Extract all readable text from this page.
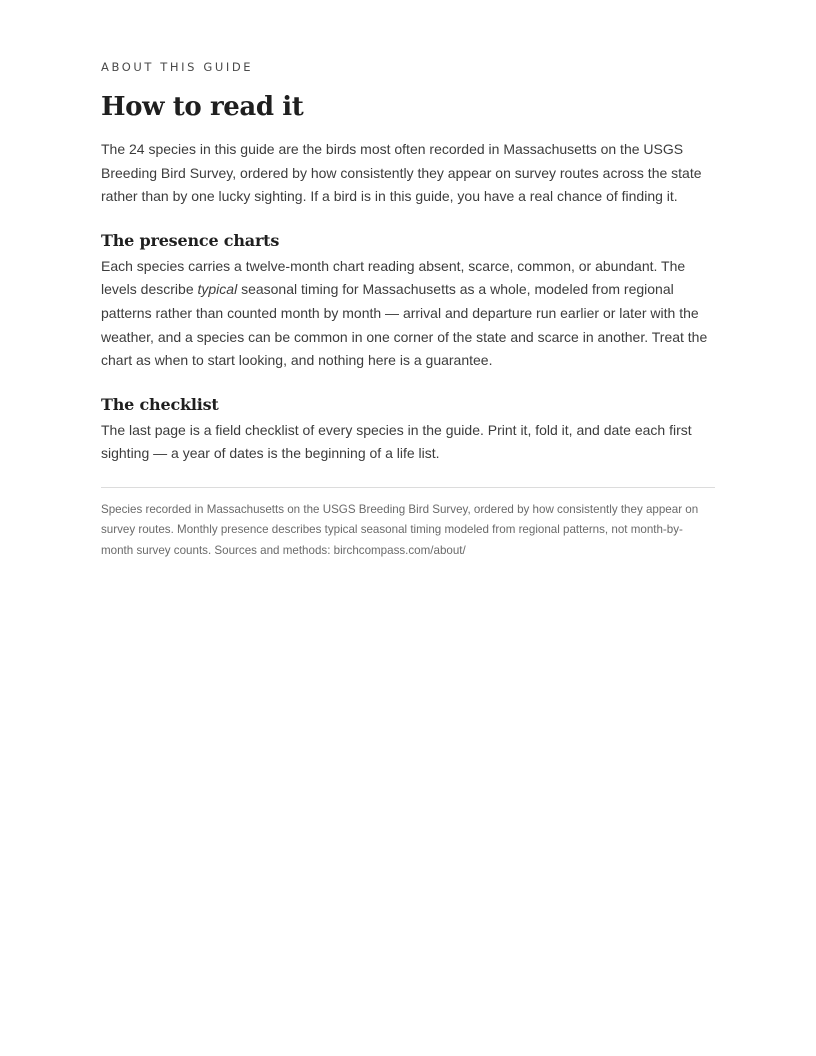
ABOUT THIS GUIDE

How to read it

The 24 species in this guide are the birds most often recorded in Massachusetts on the USGS Breeding Bird Survey, ordered by how consistently they appear on survey routes across the state rather than by one lucky sighting. If a bird is in this guide, you have a real chance of finding it.

The presence charts

Each species carries a twelve-month chart reading absent, scarce, common, or abundant. The levels describe typical seasonal timing for Massachusetts as a whole, modeled from regional patterns rather than counted month by month — arrival and departure run earlier or later with the weather, and a species can be common in one corner of the state and scarce in another. Treat the chart as when to start looking, and nothing here is a guarantee.

The checklist

The last page is a field checklist of every species in the guide. Print it, fold it, and date each first sighting — a year of dates is the beginning of a life list.

Species recorded in Massachusetts on the USGS Breeding Bird Survey, ordered by how consistently they appear on survey routes. Monthly presence describes typical seasonal timing modeled from regional patterns, not month-by-month survey counts. Sources and methods: birchcompass.com/about/
